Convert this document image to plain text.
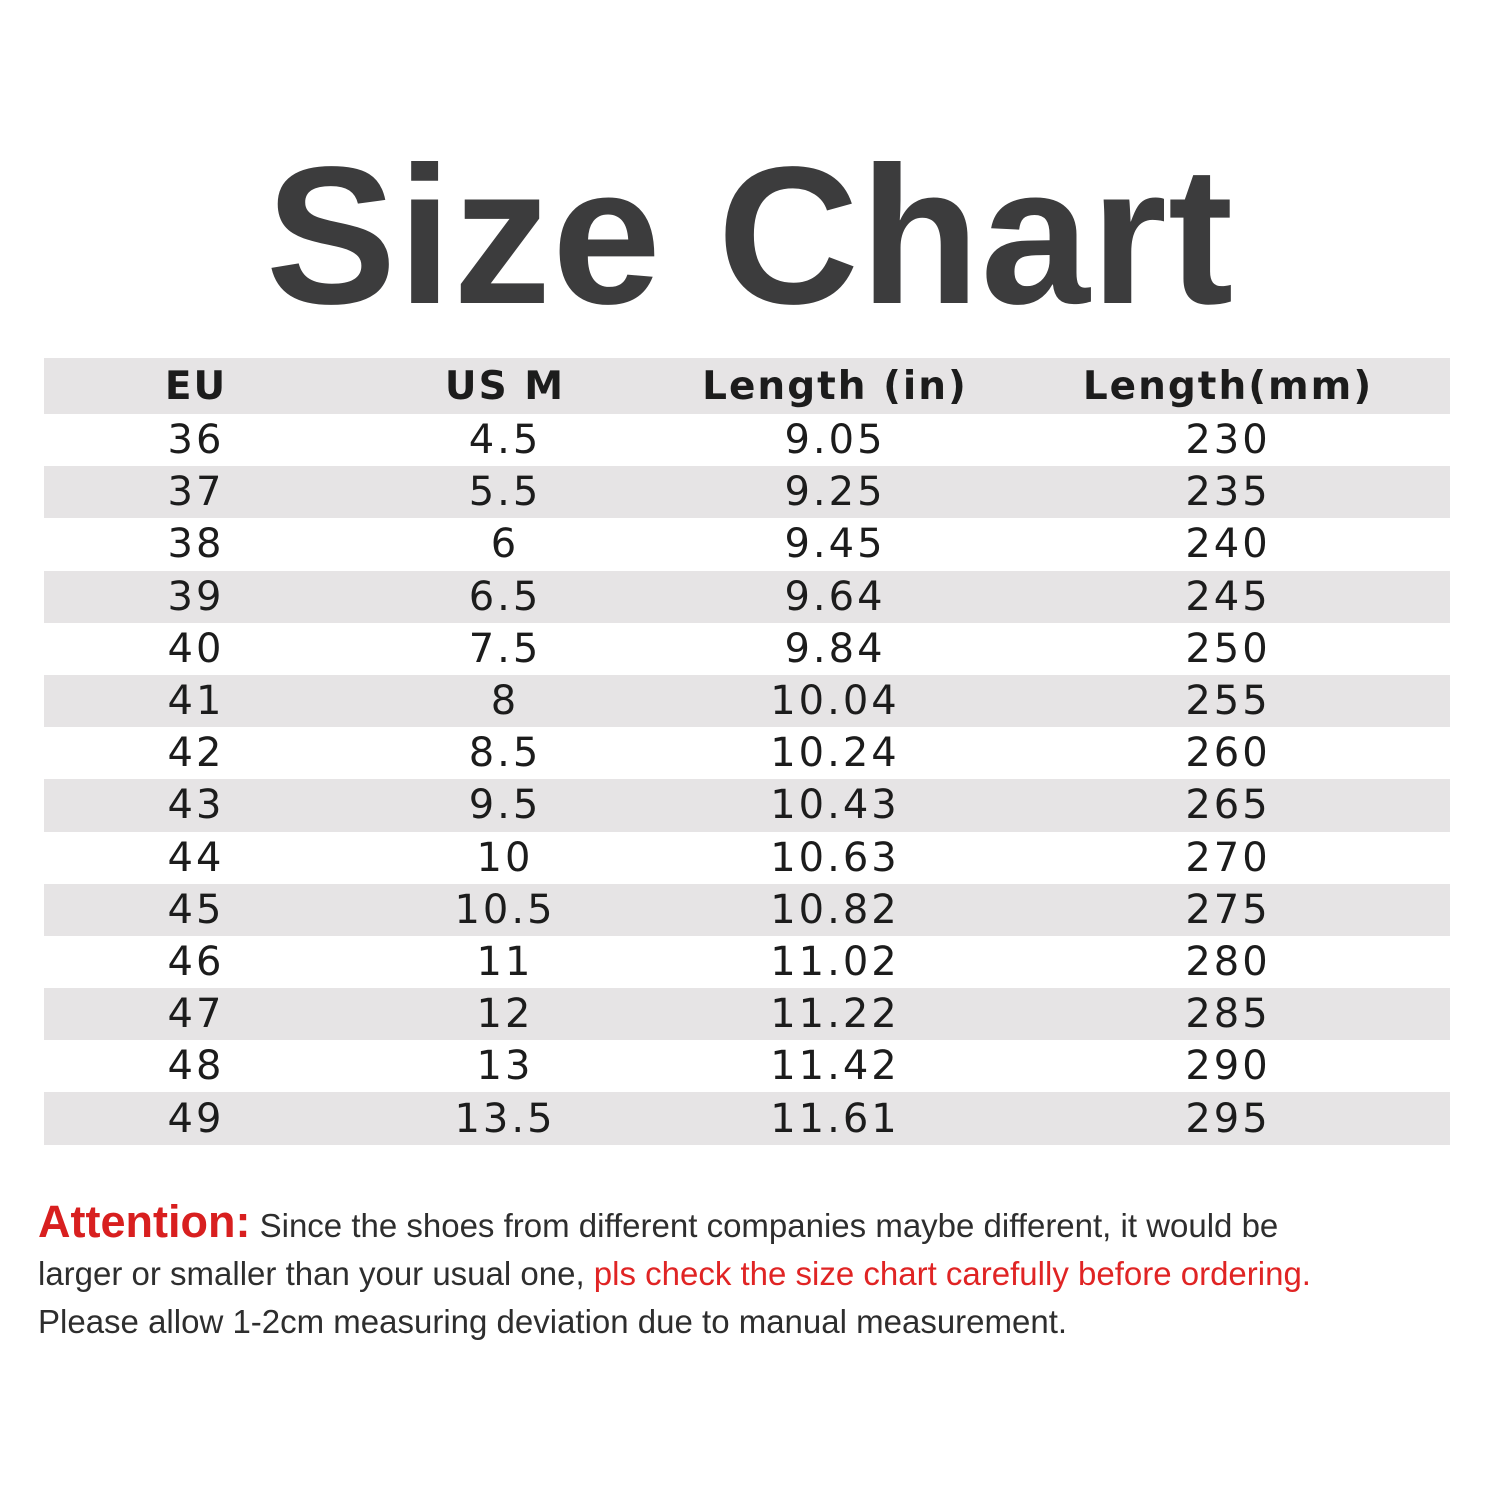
Size Chart
EU	US M	Length (in)	Length(mm)
36	4.5	9.05	230
37	5.5	9.25	235
38	6	9.45	240
39	6.5	9.64	245
40	7.5	9.84	250
41	8	10.04	255
42	8.5	10.24	260
43	9.5	10.43	265
44	10	10.63	270
45	10.5	10.82	275
46	11	11.02	280
47	12	11.22	285
48	13	11.42	290
49	13.5	11.61	295
Attention: Since the shoes from different companies maybe different, it would be
larger or smaller than your usual one, pls check the size chart carefully before ordering.
Please allow 1-2cm measuring deviation due to manual measurement.
